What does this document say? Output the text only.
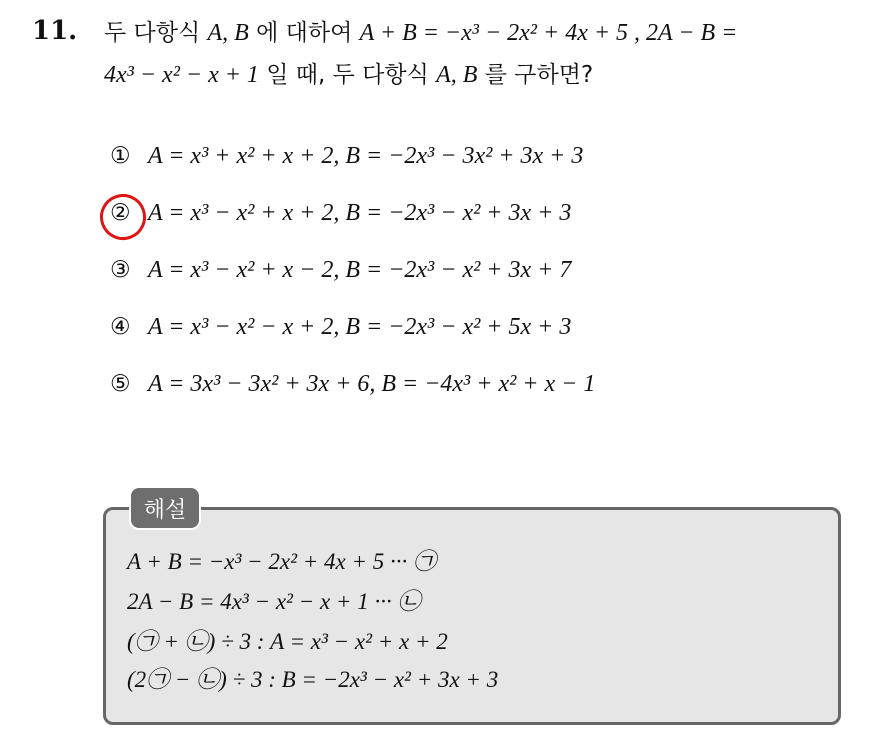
11. 두 다항식 A, B 에 대하여 A + B = −x³ − 2x² + 4x + 5 , 2A − B =
4x³ − x² − x + 1 일 때, 두 다항식 A, B 를 구하면?
① A = x³ + x² + x + 2, B = −2x³ − 3x² + 3x + 3
② A = x³ − x² + x + 2, B = −2x³ − x² + 3x + 3
③ A = x³ − x² + x − 2, B = −2x³ − x² + 3x + 7
④ A = x³ − x² − x + 2, B = −2x³ − x² + 5x + 3
⑤ A = 3x³ − 3x² + 3x + 6, B = −4x³ + x² + x − 1
해설
A + B = −x³ − 2x² + 4x + 5 ··· ㉠
2A − B = 4x³ − x² − x + 1 ··· ㉡
(㉠ + ㉡) ÷ 3 : A = x³ − x² + x + 2
(2㉠ − ㉡) ÷ 3 : B = −2x³ − x² + 3x + 3
